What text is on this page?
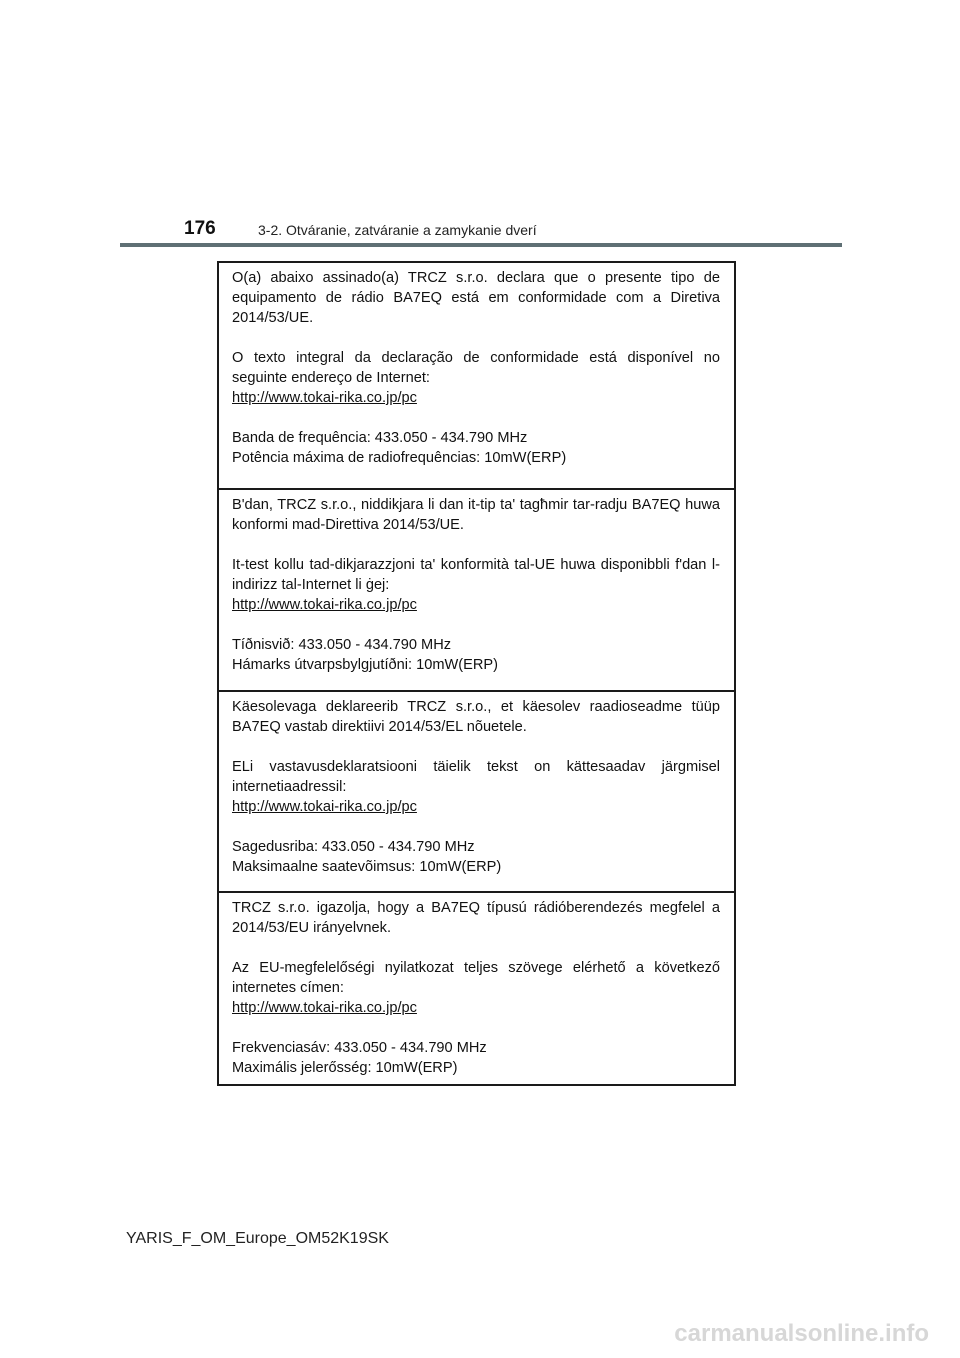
176	3-2. Otváranie, zatváranie a zamykanie dverí

O(a) abaixo assinado(a) TRCZ s.r.o. declara que o presente tipo de equipamento de rádio BA7EQ está em conformidade com a Diretiva 2014/53/UE.

O texto integral da declaração de conformidade está disponível no seguinte endereço de Internet:

http://www.tokai-rika.co.jp/pc

Banda de frequência: 433.050 - 434.790 MHz

Potência máxima de radiofrequências: 10mW(ERP)

B'dan, TRCZ s.r.o., niddikjara li dan it-tip ta' tagħmir tar-radju BA7EQ huwa konformi mad-Direttiva 2014/53/UE.

It-test kollu tad-dikjarazzjoni ta' konformità tal-UE huwa disponibbli f'dan l-indirizz tal-Internet li ġej:

http://www.tokai-rika.co.jp/pc

Tíðnisvið: 433.050 - 434.790 MHz

Hámarks útvarpsbylgjutíðni: 10mW(ERP)

Käesolevaga deklareerib TRCZ s.r.o., et käesolev raadioseadme tüüp BA7EQ vastab direktiivi 2014/53/EL nõuetele.

ELi vastavusdeklaratsiooni täielik tekst on kättesaadav järgmisel internetiaadressil:

http://www.tokai-rika.co.jp/pc

Sagedusriba: 433.050 - 434.790 MHz

Maksimaalne saatevõimsus: 10mW(ERP)

TRCZ s.r.o. igazolja, hogy a BA7EQ típusú rádióberendezés megfelel a 2014/53/EU irányelvnek.

Az EU-megfelelőségi nyilatkozat teljes szövege elérhető a következő internetes címen:

http://www.tokai-rika.co.jp/pc

Frekvenciasáv: 433.050 - 434.790 MHz

Maximális jelerősség: 10mW(ERP)

YARIS_F_OM_Europe_OM52K19SK
carmanualsonline.info
